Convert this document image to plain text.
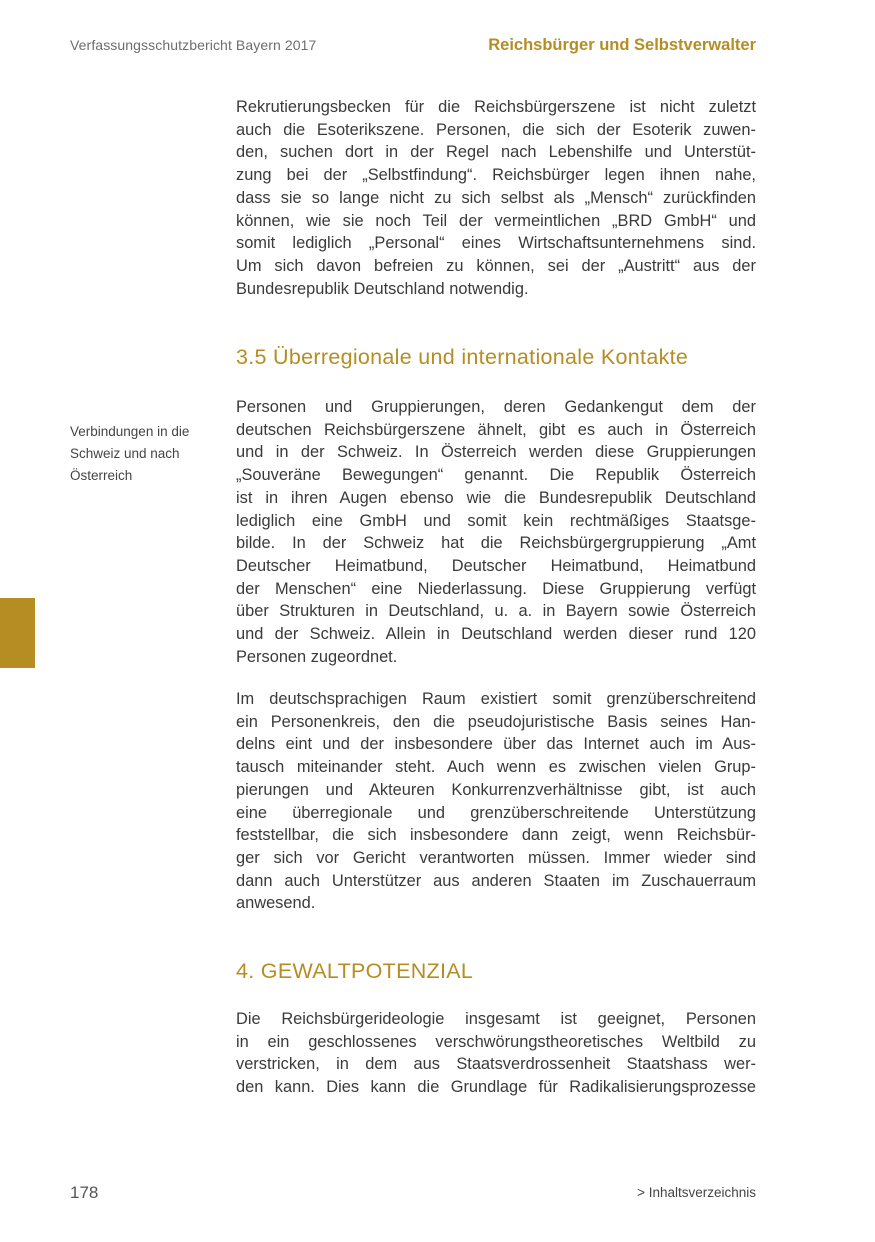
Verfassungsschutzbericht Bayern 2017	Reichsbürger und Selbstverwalter
Verbindungen in die
Schweiz und nach
Österreich

Rekrutierungsbecken für die Reichsbürgerszene ist nicht zuletzt
auch die Esoterikszene. Personen, die sich der Esoterik zuwen-
den, suchen dort in der Regel nach Lebenshilfe und Unterstüt-
zung bei der „Selbstfindung“. Reichsbürger legen ihnen nahe,
dass sie so lange nicht zu sich selbst als „Mensch“ zurückfinden
können, wie sie noch Teil der vermeintlichen „BRD GmbH“ und
somit lediglich „Personal“ eines Wirtschaftsunternehmens sind.
Um sich davon befreien zu können, sei der „Austritt“ aus der
Bundesrepublik Deutschland notwendig.

3.5 Überregionale und internationale Kontakte

Personen und Gruppierungen, deren Gedankengut dem der
deutschen Reichsbürgerszene ähnelt, gibt es auch in Österreich
und in der Schweiz. In Österreich werden diese Gruppierungen
„Souveräne Bewegungen“ genannt. Die Republik Österreich
ist in ihren Augen ebenso wie die Bundesrepublik Deutschland
lediglich eine GmbH und somit kein rechtmäßiges Staatsge-
bilde. In der Schweiz hat die Reichsbürgergruppierung „Amt
Deutscher Heimatbund, Deutscher Heimatbund, Heimatbund
der Menschen“ eine Niederlassung. Diese Gruppierung verfügt
über Strukturen in Deutschland, u. a. in Bayern sowie Österreich
und der Schweiz. Allein in Deutschland werden dieser rund 120
Personen zugeordnet.

Im deutschsprachigen Raum existiert somit grenzüberschreitend
ein Personenkreis, den die pseudojuristische Basis seines Han-
delns eint und der insbesondere über das Internet auch im Aus-
tausch miteinander steht. Auch wenn es zwischen vielen Grup-
pierungen und Akteuren Konkurrenzverhältnisse gibt, ist auch
eine überregionale und grenzüberschreitende Unterstützung
feststellbar, die sich insbesondere dann zeigt, wenn Reichsbür-
ger sich vor Gericht verantworten müssen. Immer wieder sind
dann auch Unterstützer aus anderen Staaten im Zuschauerraum
anwesend.

4. GEWALTPOTENZIAL

Die Reichsbürgerideologie insgesamt ist geeignet, Personen
in ein geschlossenes verschwörungstheoretisches Weltbild zu
verstricken, in dem aus Staatsverdrossenheit Staatshass wer-
den kann. Dies kann die Grundlage für Radikalisierungsprozesse

178	> Inhaltsverzeichnis
